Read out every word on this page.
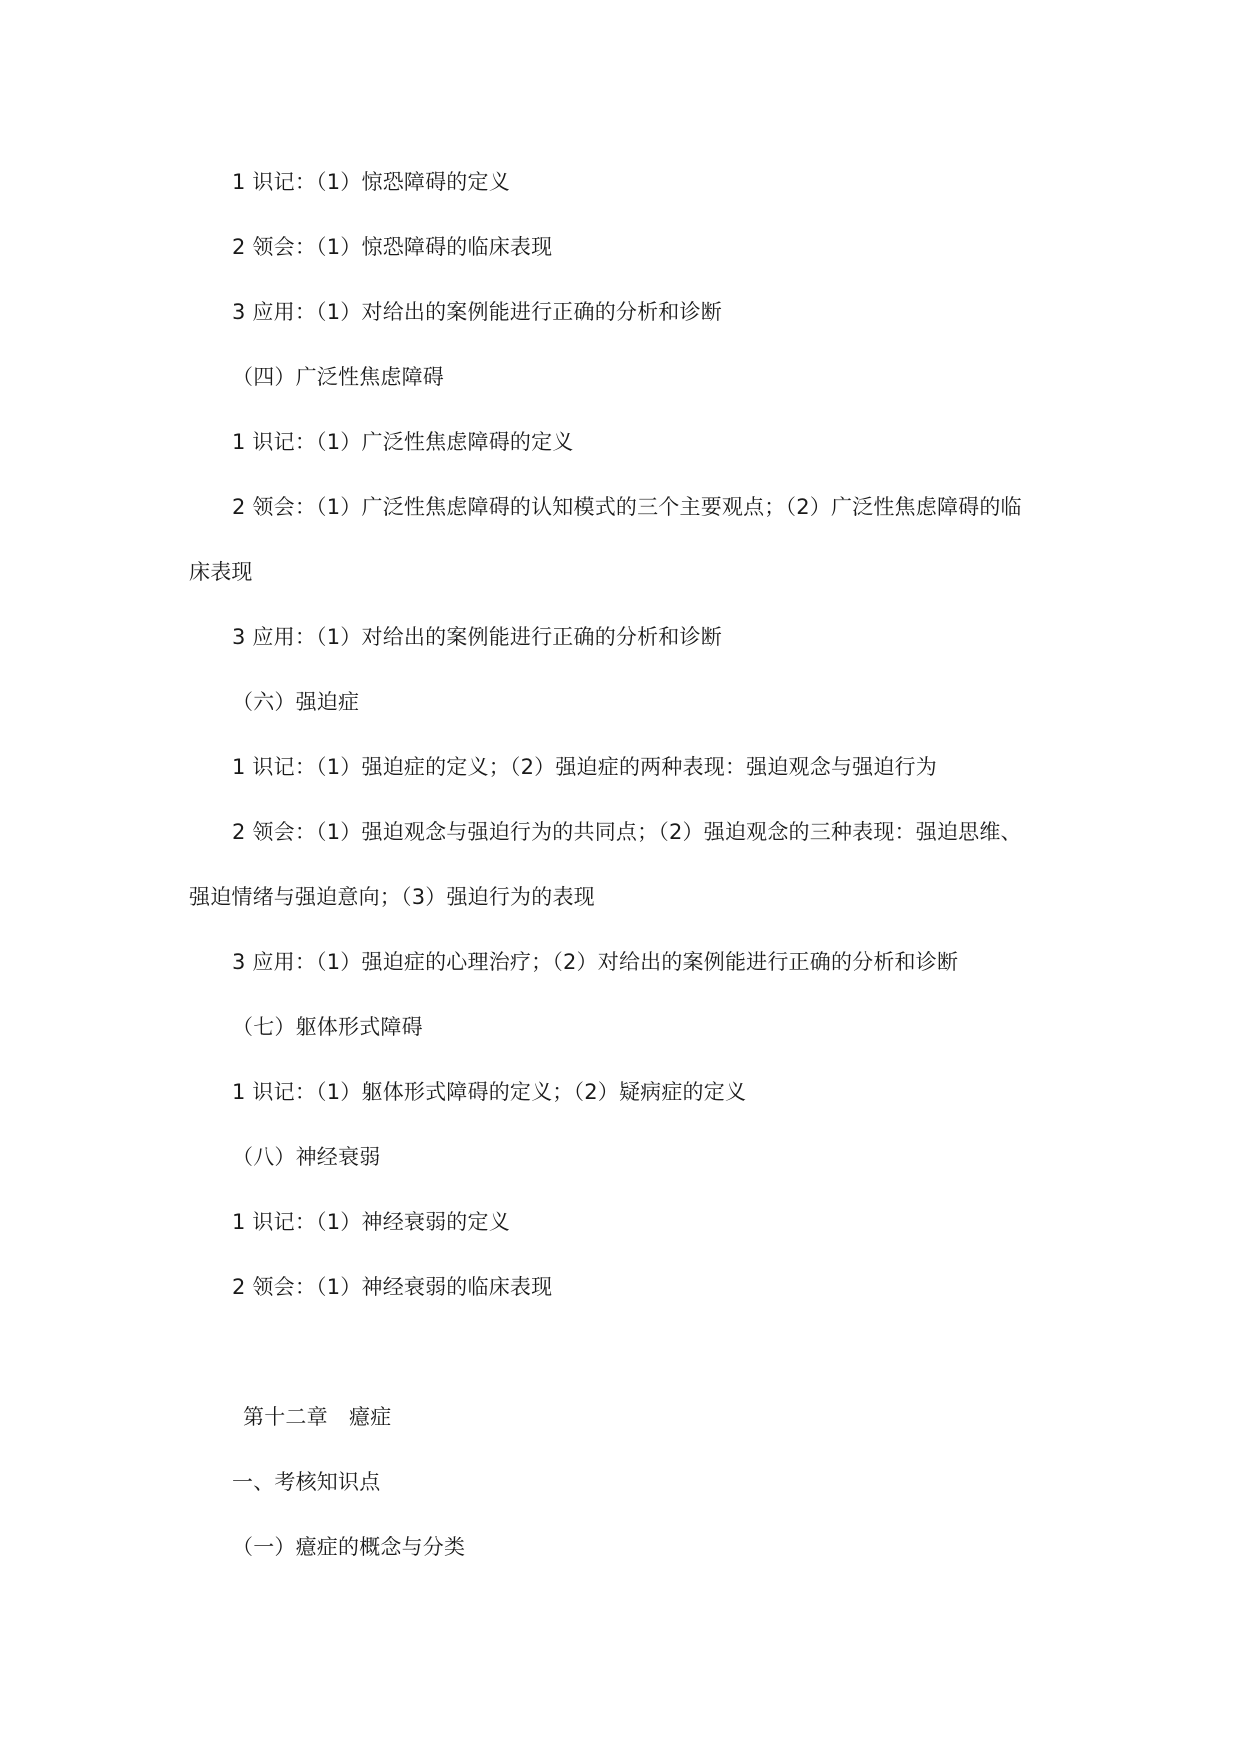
1 识记：（1）惊恐障碍的定义
2 领会：（1）惊恐障碍的临床表现
3 应用：（1）对给出的案例能进行正确的分析和诊断
（四）广泛性焦虑障碍
1 识记：（1）广泛性焦虑障碍的定义
2 领会：（1）广泛性焦虑障碍的认知模式的三个主要观点；（2）广泛性焦虑障碍的临
床表现
3 应用：（1）对给出的案例能进行正确的分析和诊断
（六）强迫症
1 识记：（1）强迫症的定义；（2）强迫症的两种表现：强迫观念与强迫行为
2 领会：（1）强迫观念与强迫行为的共同点；（2）强迫观念的三种表现：强迫思维、
强迫情绪与强迫意向；（3）强迫行为的表现
3 应用：（1）强迫症的心理治疗；（2）对给出的案例能进行正确的分析和诊断
（七）躯体形式障碍
1 识记：（1）躯体形式障碍的定义；（2）疑病症的定义
（八）神经衰弱
1 识记：（1）神经衰弱的定义
2 领会：（1）神经衰弱的临床表现
第十二章　癔症
一、考核知识点
（一）癔症的概念与分类
